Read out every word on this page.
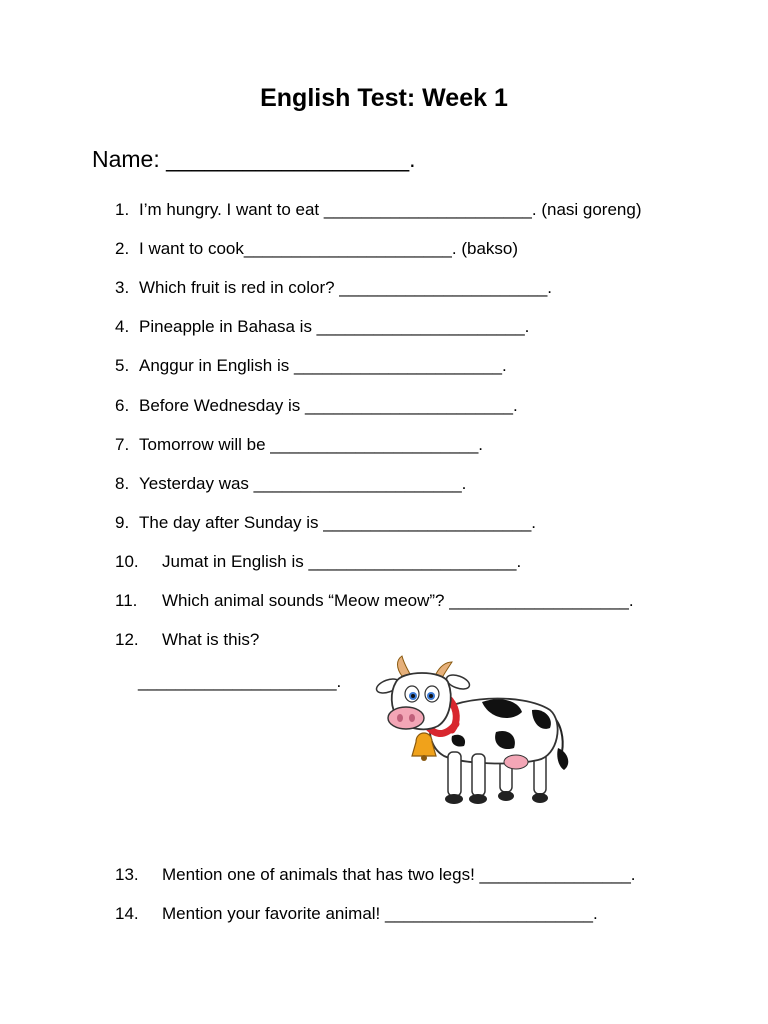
English Test: Week 1
Name: ___________________.
1. I’m hungry. I want to eat ______________________. (nasi goreng)
2. I want to cook______________________. (bakso)
3. Which fruit is red in color? ______________________.
4. Pineapple in Bahasa is ______________________.
5. Anggur in English is ______________________.
6. Before Wednesday is ______________________.
7. Tomorrow will be ______________________.
8. Yesterday was ______________________.
9. The day after Sunday is ______________________.
10. Jumat in English is ______________________.
11. Which animal sounds “Meow meow”? ___________________.
12. What is this?
_____________________.
13. Mention one of animals that has two legs! ________________.
14. Mention your favorite animal! ______________________.
